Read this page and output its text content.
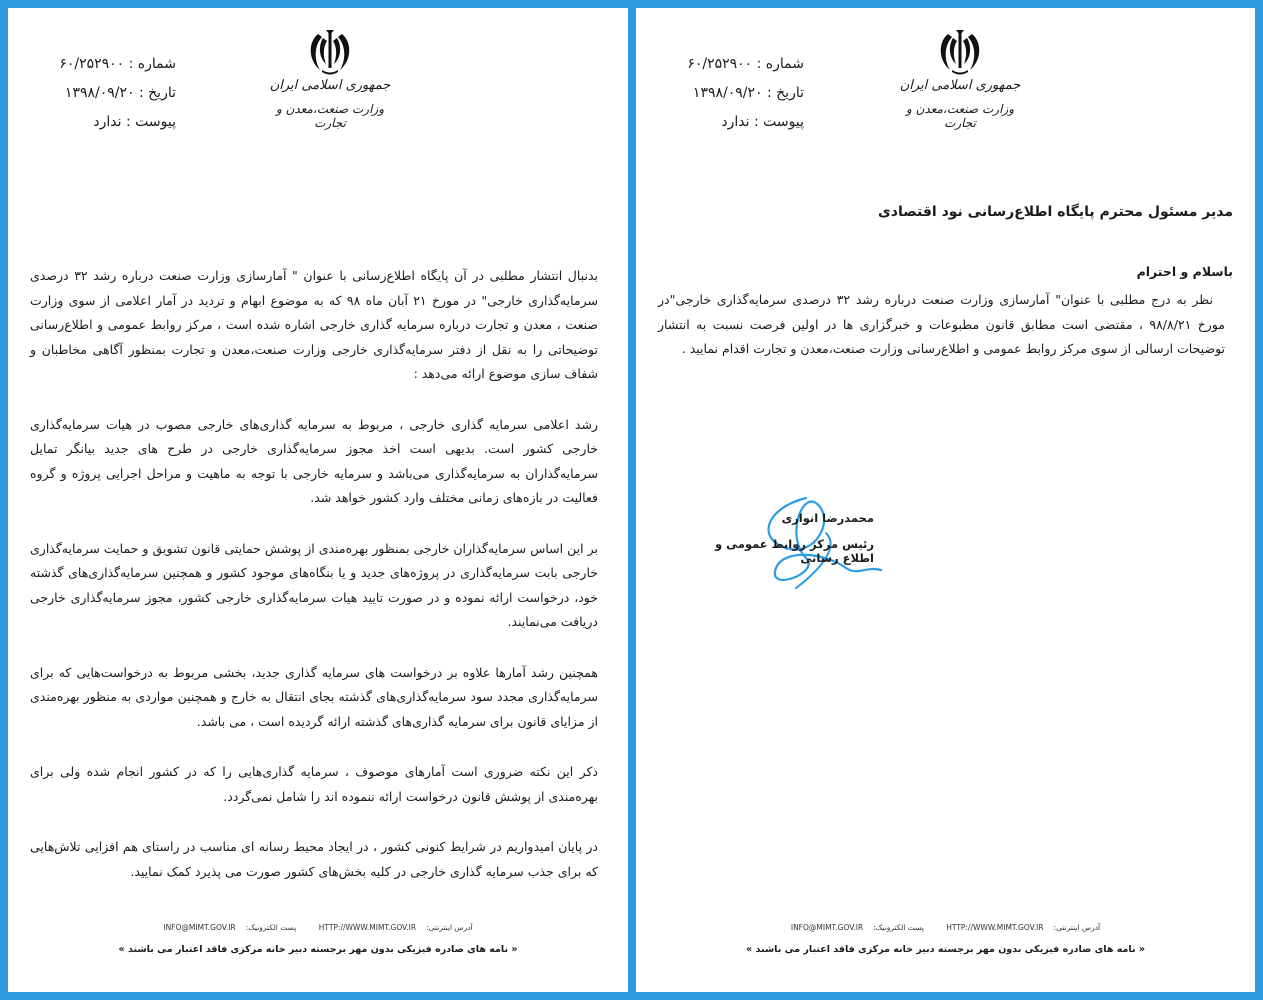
جمهوری اسلامی ایران
وزارت صنعت،معدن و تجارت
شماره : ۶۰/۲۵۲۹۰۰
تاریخ : ۱۳۹۸/۰۹/۲۰
پیوست : ندارد

بدنبال انتشار مطلبی در آن پایگاه اطلاع‌رسانی با عنوان " آمارسازی وزارت صنعت درباره رشد ۳۲ درصدی سرمایه‌گذاری خارجی" در مورخ ۲۱ آبان ماه ۹۸ که به موضوع ابهام و تردید در آمار اعلامی از سوی وزارت صنعت ، معدن و تجارت درباره سرمایه گذاری خارجی اشاره شده است ، مرکز روابط عمومی و اطلاع‌رسانی توضیحاتی را به نقل از دفتر سرمایه‌گذاری خارجی وزارت صنعت،معدن و تجارت بمنظور آگاهی مخاطبان و شفاف سازی موضوع ارائه می‌دهد :

رشد اعلامی سرمایه گذاری خارجی ، مربوط به سرمایه گذاری‌های خارجی مصوب در هیات سرمایه‌گذاری خارجی کشور است. بدیهی است اخذ مجوز سرمایه‌گذاری خارجی در طرح های جدید بیانگر تمایل سرمایه‌گذاران به سرمایه‌گذاری می‌باشد و سرمایه خارجی با توجه به ماهیت و مراحل اجرایی پروژه و گروه فعالیت در بازه‌های زمانی مختلف وارد کشور خواهد شد.

بر این اساس سرمایه‌گذاران خارجی بمنظور بهره‌مندی از پوشش حمایتی قانون تشویق و حمایت سرمایه‌گذاری خارجی بابت سرمایه‌گذاری در پروژه‌های جدید و یا بنگاه‌های موجود کشور و همچنین سرمایه‌گذاری‌های گذشته خود، درخواست ارائه نموده و در صورت تایید هیات سرمایه‌گذاری خارجی کشور، مجوز سرمایه‌گذاری خارجی دریافت می‌نمایند.

همچنین رشد آمارها علاوه بر درخواست های سرمایه گذاری جدید، بخشی مربوط به درخواست‌هایی که برای سرمایه‌گذاری مجدد سود سرمایه‌گذاری‌های گذشته بجای انتقال به خارج و همچنین مواردی به منظور بهره‌مندی از مزایای قانون برای سرمایه گذاری‌های گذشته ارائه گردیده است ، می باشد.

ذکر این نکته ضروری است آمارهای موصوف ، سرمایه گذاری‌هایی را که در کشور انجام شده ولی برای بهره‌مندی از پوشش قانون درخواست ارائه ننموده اند را شامل نمی‌گردد.

در پایان امیدواریم در شرایط کنونی کشور ، در ایجاد محیط رسانه ای مناسب در راستای هم افزایی تلاش‌هایی که برای جذب سرمایه گذاری خارجی در کلیه بخش‌های کشور صورت می پذیرد کمک نمایید.

آدرس اینترنتی:HTTP://WWW.MIMT.GOV.IR پست الکترونیک:INFO@MIMT.GOV.IR
« نامه های صادره فیزیکی بدون مهر برجسته دبیر خانه مرکزی فاقد اعتبار می باشند »
جمهوری اسلامی ایران
وزارت صنعت،معدن و تجارت
شماره : ۶۰/۲۵۲۹۰۰
تاریخ : ۱۳۹۸/۰۹/۲۰
پیوست : ندارد
مدیر مسئول محترم پایگاه اطلاع‌رسانی نود اقتصادی
باسلام و احترام
نظر به درج مطلبی با عنوان" آمارسازی وزارت صنعت درباره رشد ۳۲ درصدی سرمایه‌گذاری خارجی"در مورخ ۹۸/۸/۲۱ ، مقتضی است مطابق قانون مطبوعات و خبرگزاری ها در اولین فرصت نسبت به انتشار توضیحات ارسالی از سوی مرکز روابط عمومی و اطلاع‌رسانی وزارت صنعت،معدن و تجارت اقدام نمایید .
محمدرضا انواری
رئیس مرکز روابط عمومی و اطلاع رسانی
آدرس اینترنتی:HTTP://WWW.MIMT.GOV.IR پست الکترونیک:INFO@MIMT.GOV.IR
« نامه های صادره فیزیکی بدون مهر برجسته دبیر خانه مرکزی فاقد اعتبار می باشند »
